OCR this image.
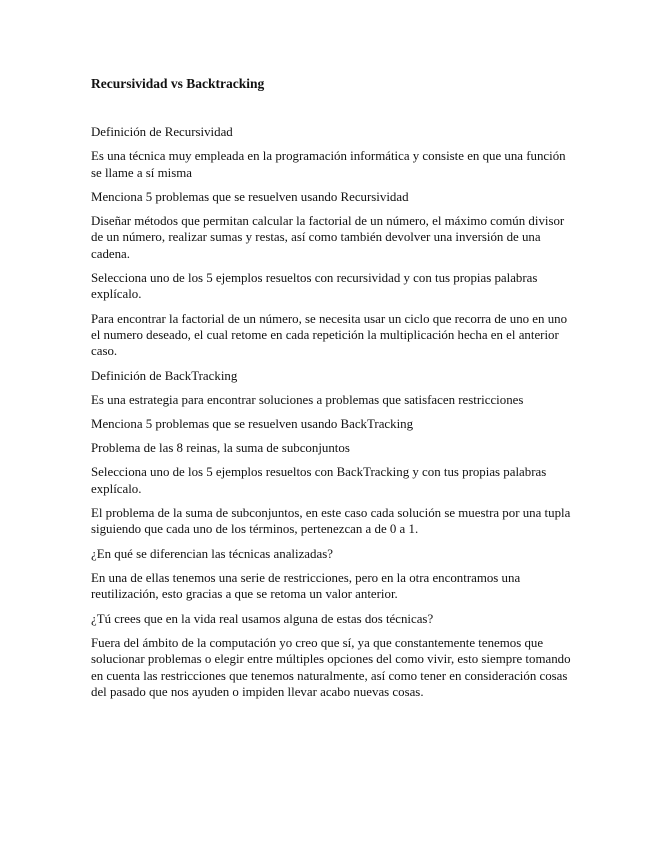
Recursividad vs Backtracking

Definición de Recursividad

Es una técnica muy empleada en la programación informática y consiste en que una función se llame a sí misma

Menciona 5 problemas que se resuelven usando Recursividad

Diseñar métodos que permitan calcular la factorial de un número, el máximo común divisor de un número, realizar sumas y restas, así como también devolver una inversión de una cadena.

Selecciona uno de los 5 ejemplos resueltos con recursividad y con tus propias palabras explícalo.

Para encontrar la factorial de un número, se necesita usar un ciclo que recorra de uno en uno el numero deseado, el cual retome en cada repetición la multiplicación hecha en el anterior caso.

Definición de BackTracking

Es una estrategia para encontrar soluciones a problemas que satisfacen restricciones

Menciona 5 problemas que se resuelven usando BackTracking

Problema de las 8 reinas, la suma de subconjuntos

Selecciona uno de los 5 ejemplos resueltos con BackTracking y con tus propias palabras explícalo.

El problema de la suma de subconjuntos, en este caso cada solución se muestra por una tupla siguiendo que cada uno de los términos, pertenezcan a de 0 a 1.

¿En qué se diferencian las técnicas analizadas?

En una de ellas tenemos una serie de restricciones, pero en la otra encontramos una reutilización, esto gracias a que se retoma un valor anterior.

¿Tú crees que en la vida real usamos alguna de estas dos técnicas?

Fuera del ámbito de la computación yo creo que sí, ya que constantemente tenemos que solucionar problemas o elegir entre múltiples opciones del como vivir, esto siempre tomando en cuenta las restricciones que tenemos naturalmente, así como tener en consideración cosas del pasado que nos ayuden o impiden llevar acabo nuevas cosas.
